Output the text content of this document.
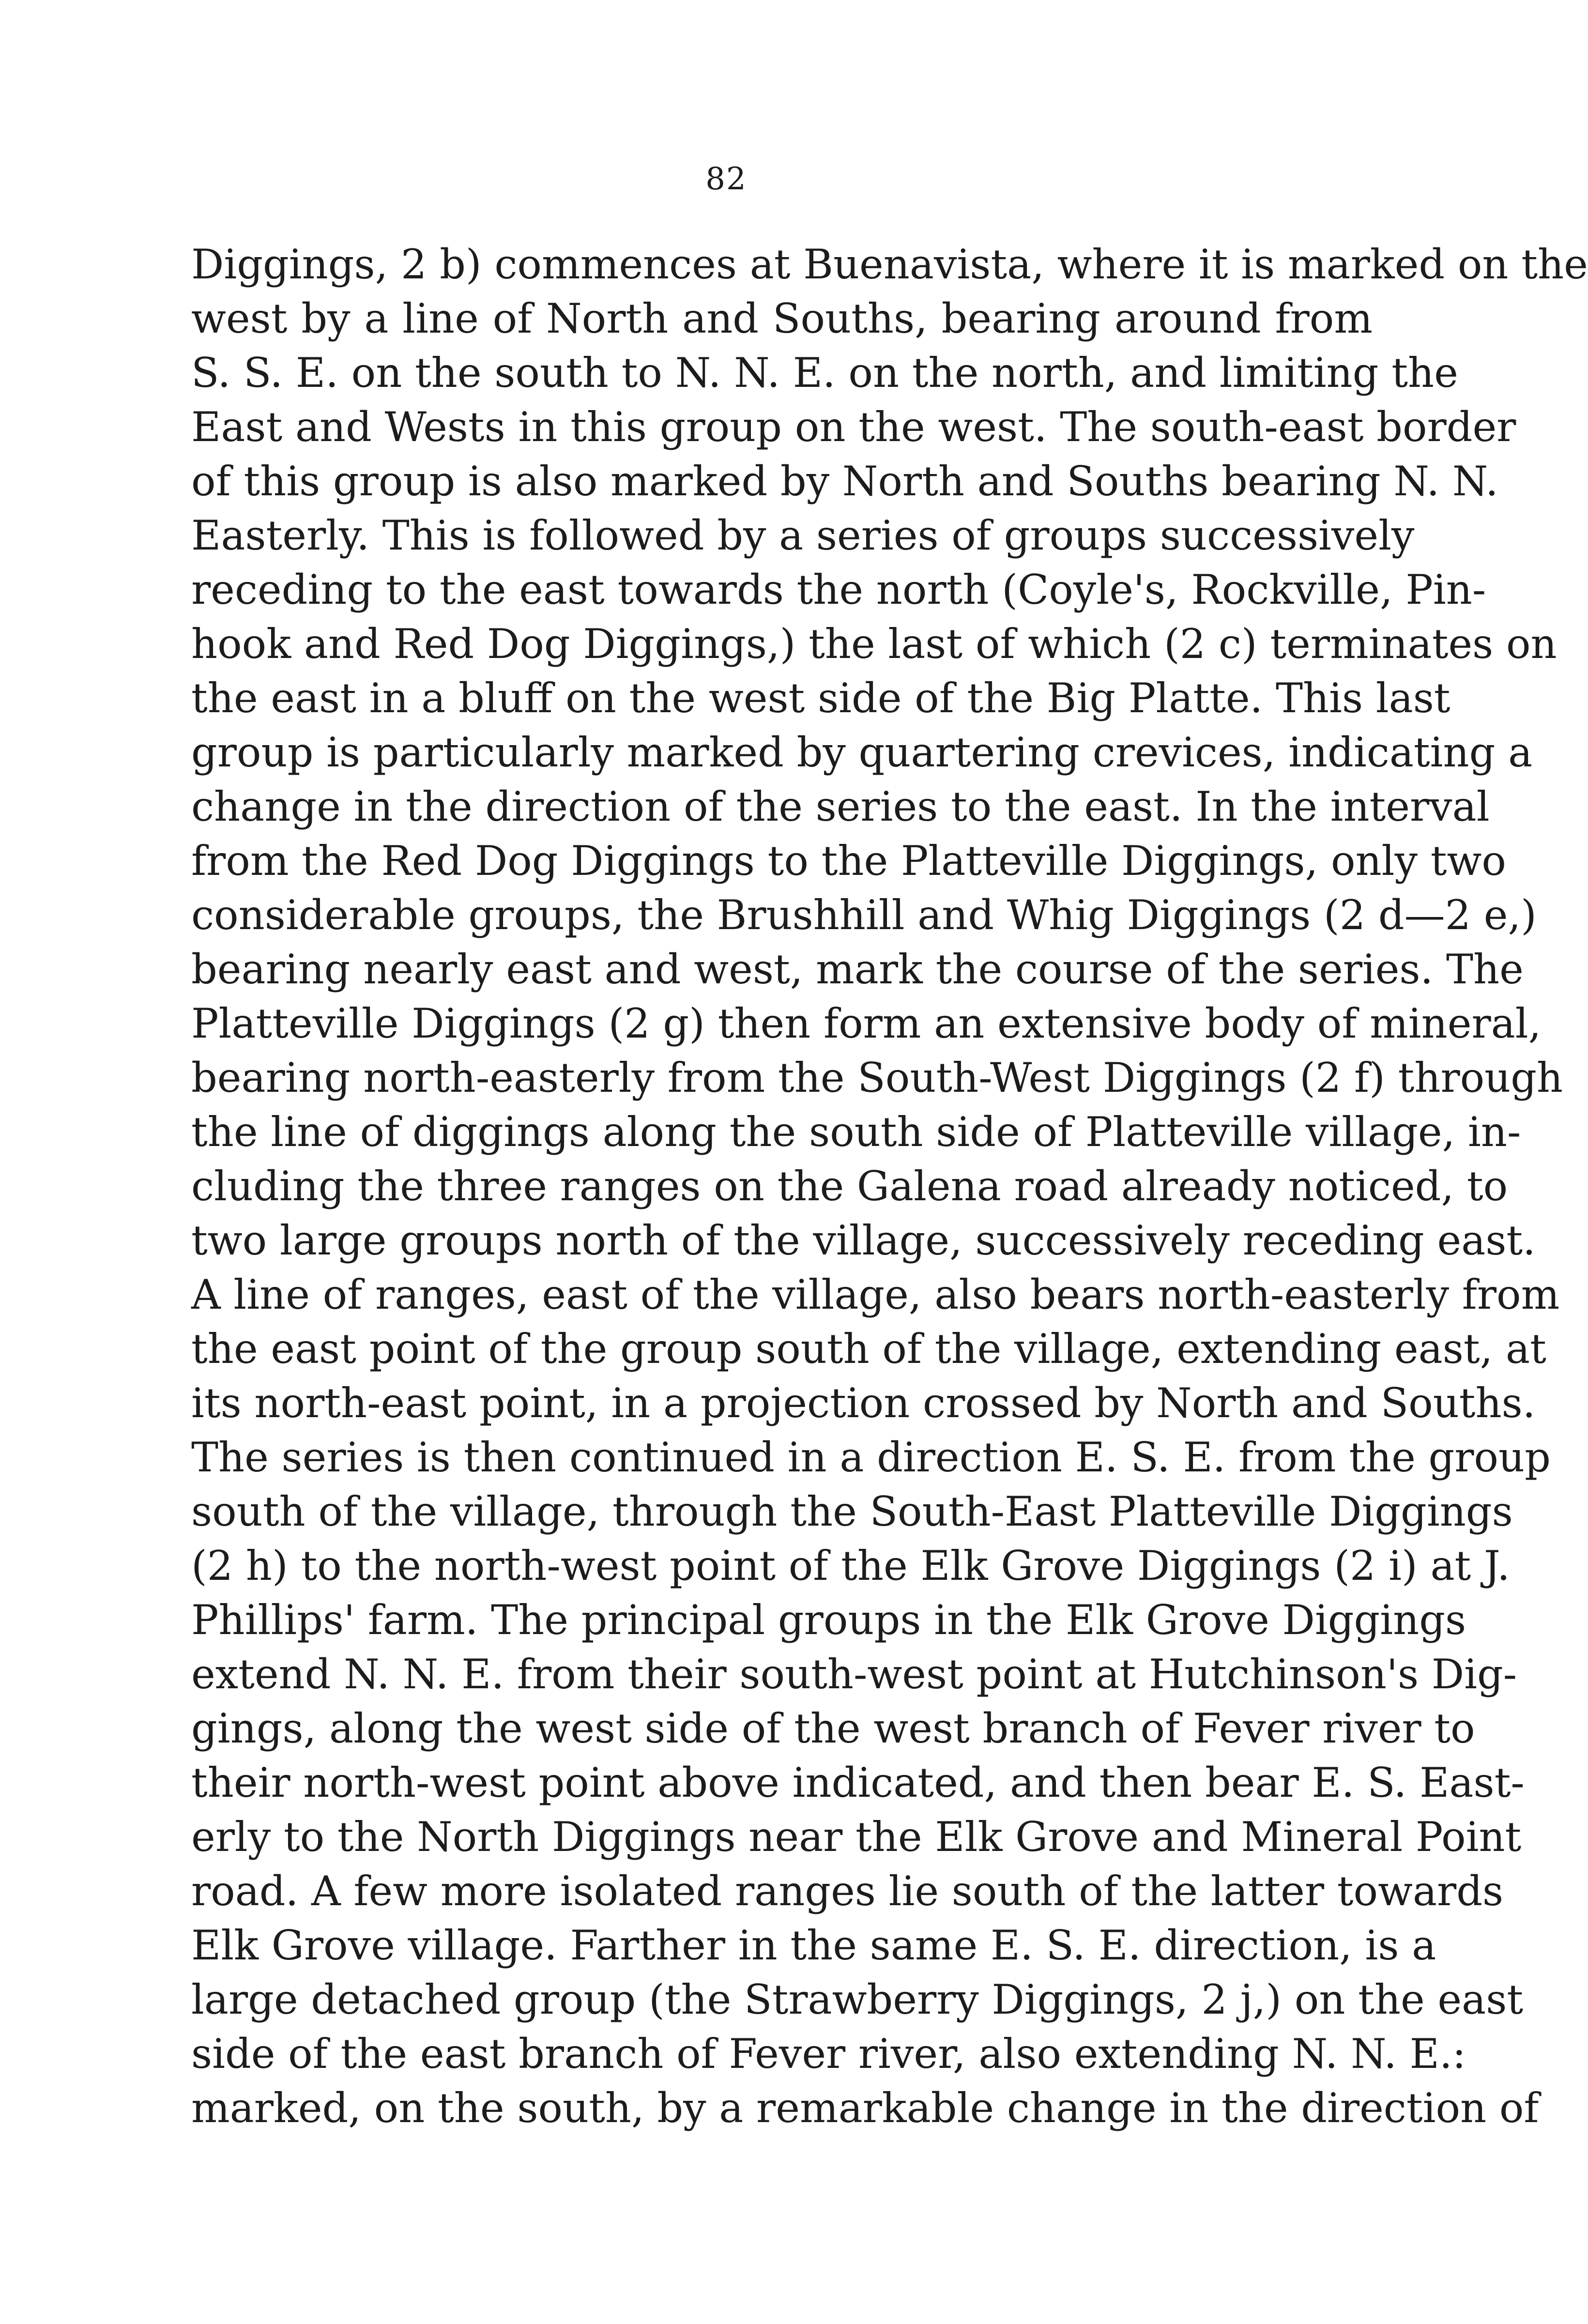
82
Diggings, 2 b) commences at Buenavista, where it is marked on the
west by a line of North and Souths, bearing around from
S. S. E. on the south to N. N. E. on the north, and limiting the
East and Wests in this group on the west. The south-east border
of this group is also marked by North and Souths bearing N. N.
Easterly. This is followed by a series of groups successively
receding to the east towards the north (Coyle's, Rockville, Pin-
hook and Red Dog Diggings,) the last of which (2 c) terminates on
the east in a bluff on the west side of the Big Platte. This last
group is particularly marked by quartering crevices, indicating a
change in the direction of the series to the east. In the interval
from the Red Dog Diggings to the Platteville Diggings, only two
considerable groups, the Brushhill and Whig Diggings (2 d—2 e,)
bearing nearly east and west, mark the course of the series. The
Platteville Diggings (2 g) then form an extensive body of mineral,
bearing north-easterly from the South-West Diggings (2 f) through
the line of diggings along the south side of Platteville village, in-
cluding the three ranges on the Galena road already noticed, to
two large groups north of the village, successively receding east.
A line of ranges, east of the village, also bears north-easterly from
the east point of the group south of the village, extending east, at
its north-east point, in a projection crossed by North and Souths.
The series is then continued in a direction E. S. E. from the group
south of the village, through the South-East Platteville Diggings
(2 h) to the north-west point of the Elk Grove Diggings (2 i) at J.
Phillips' farm. The principal groups in the Elk Grove Diggings
extend N. N. E. from their south-west point at Hutchinson's Dig-
gings, along the west side of the west branch of Fever river to
their north-west point above indicated, and then bear E. S. East-
erly to the North Diggings near the Elk Grove and Mineral Point
road. A few more isolated ranges lie south of the latter towards
Elk Grove village. Farther in the same E. S. E. direction, is a
large detached group (the Strawberry Diggings, 2 j,) on the east
side of the east branch of Fever river, also extending N. N. E.:
marked, on the south, by a remarkable change in the direction of
